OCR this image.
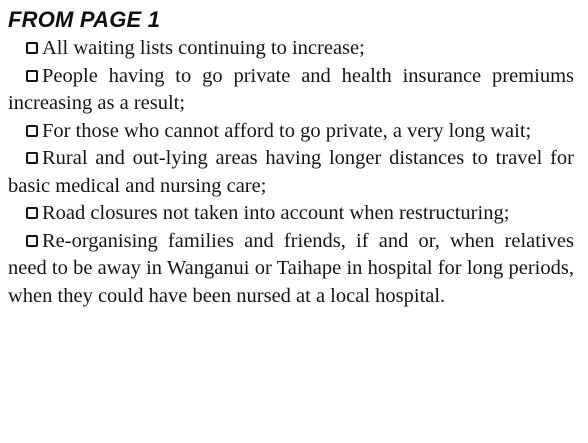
FROM PAGE 1

All waiting lists continuing to increase;

People having to go private and health insurance premiums increasing as a result;

For those who cannot afford to go private, a very long wait;

Rural and out-lying areas having longer distances to travel for basic medical and nursing care;

Road closures not taken into account when restructuring;

Re-organising families and friends, if and or, when relatives need to be away in Wanganui or Taihape in hospital for long periods, when they could have been nursed at a local hospital.
